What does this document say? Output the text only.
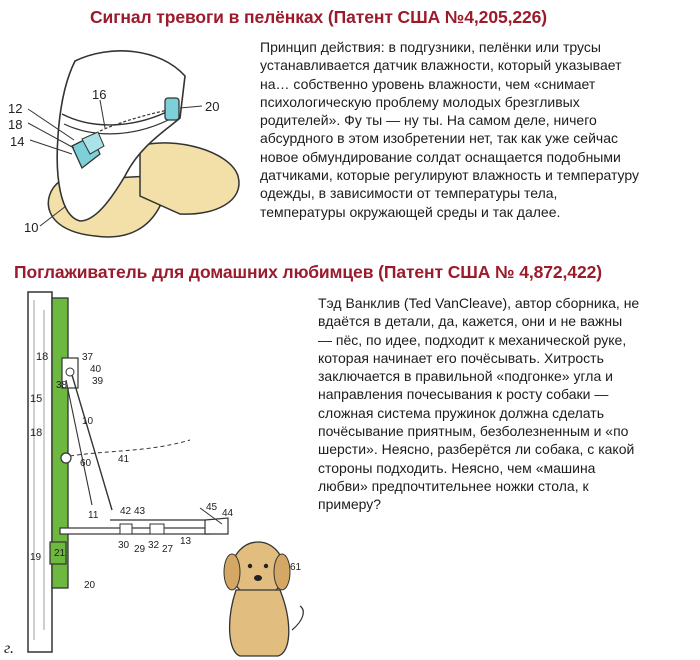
Сигнал тревоги в пелёнках (Патент США №4,205,226)
12
18
14
16
20
10
Принцип действия: в подгузники, пелёнки или трусы
устанавливается датчик влажности, который указывает
на… собственно уровень влажности, чем «снимает
психологическую проблему молодых брезгливых
родителей». Фу ты — ну ты. На самом деле, ничего
абсурдного в этом изобретении нет, так как уже сейчас
новое обмундирование солдат оснащается подобными
датчиками, которые регулируют влажность и температуру
одежды, в зависимости от температуры тела,
температуры окружающей среды и так далее.
Поглаживатель для домашних любимцев (Патент США № 4,872,422)
18
15
18
37
40
39
38
10
60	41
11 42 43	45
44
13
30 29 32 27
21
19
20
61
Тэд Ванклив (Ted VanCleave), автор сборника, не
вдаётся в детали, да, кажется, они и не важны
— пёс, по идее, подходит к механической руке,
которая начинает его почёсывать. Хитрость
заключается в правильной «подгонке» угла и
направления почесывания к росту собаки —
сложная система пружинок должна сделать
почёсывание приятным, безболезненным и «по
шерсти». Неясно, разберётся ли собака, с какой
стороны подходить. Неясно, чем «машина
любви» предпочтительнее ножки стола, к
примеру?
г.
